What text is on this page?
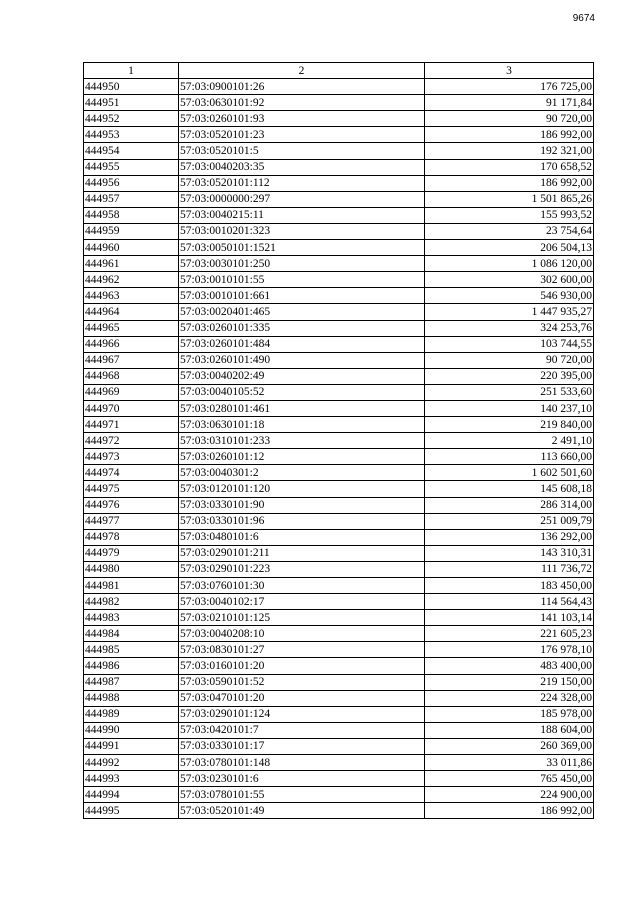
9674
1	2	3
444950	57:03:0900101:26	176 725,00
444951	57:03:0630101:92	91 171,84
444952	57:03:0260101:93	90 720,00
444953	57:03:0520101:23	186 992,00
444954	57:03:0520101:5	192 321,00
444955	57:03:0040203:35	170 658,52
444956	57:03:0520101:112	186 992,00
444957	57:03:0000000:297	1 501 865,26
444958	57:03:0040215:11	155 993,52
444959	57:03:0010201:323	23 754,64
444960	57:03:0050101:1521	206 504,13
444961	57:03:0030101:250	1 086 120,00
444962	57:03:0010101:55	302 600,00
444963	57:03:0010101:661	546 930,00
444964	57:03:0020401:465	1 447 935,27
444965	57:03:0260101:335	324 253,76
444966	57:03:0260101:484	103 744,55
444967	57:03:0260101:490	90 720,00
444968	57:03:0040202:49	220 395,00
444969	57:03:0040105:52	251 533,60
444970	57:03:0280101:461	140 237,10
444971	57:03:0630101:18	219 840,00
444972	57:03:0310101:233	2 491,10
444973	57:03:0260101:12	113 660,00
444974	57:03:0040301:2	1 602 501,60
444975	57:03:0120101:120	145 608,18
444976	57:03:0330101:90	286 314,00
444977	57:03:0330101:96	251 009,79
444978	57:03:0480101:6	136 292,00
444979	57:03:0290101:211	143 310,31
444980	57:03:0290101:223	111 736,72
444981	57:03:0760101:30	183 450,00
444982	57:03:0040102:17	114 564,43
444983	57:03:0210101:125	141 103,14
444984	57:03:0040208:10	221 605,23
444985	57:03:0830101:27	176 978,10
444986	57:03:0160101:20	483 400,00
444987	57:03:0590101:52	219 150,00
444988	57:03:0470101:20	224 328,00
444989	57:03:0290101:124	185 978,00
444990	57:03:0420101:7	188 604,00
444991	57:03:0330101:17	260 369,00
444992	57:03:0780101:148	33 011,86
444993	57:03:0230101:6	765 450,00
444994	57:03:0780101:55	224 900,00
444995	57:03:0520101:49	186 992,00
